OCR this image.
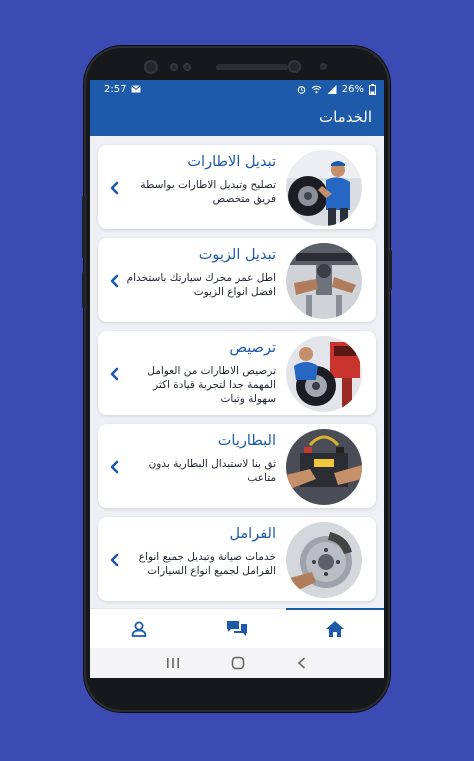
2:57	26%
الخدمات
تبديل الاطارات
تصليح وتبديل الاطارات بواسطة فريق متخصص
تبديل الزيوت
اطل عمر محرك سيارتك باستخدام افضل انواع الزيوت
ترصيص
ترصيص الاطارات من العوامل المهمة جدا لتجربة قيادة اكثر سهولة وثبات
البطاريات
ثق بنا لاستبدال البطارية بدون متاعب
الفرامل
خدمات صيانة وتبديل جميع انواع الفرامل لجميع انواع السيارات
